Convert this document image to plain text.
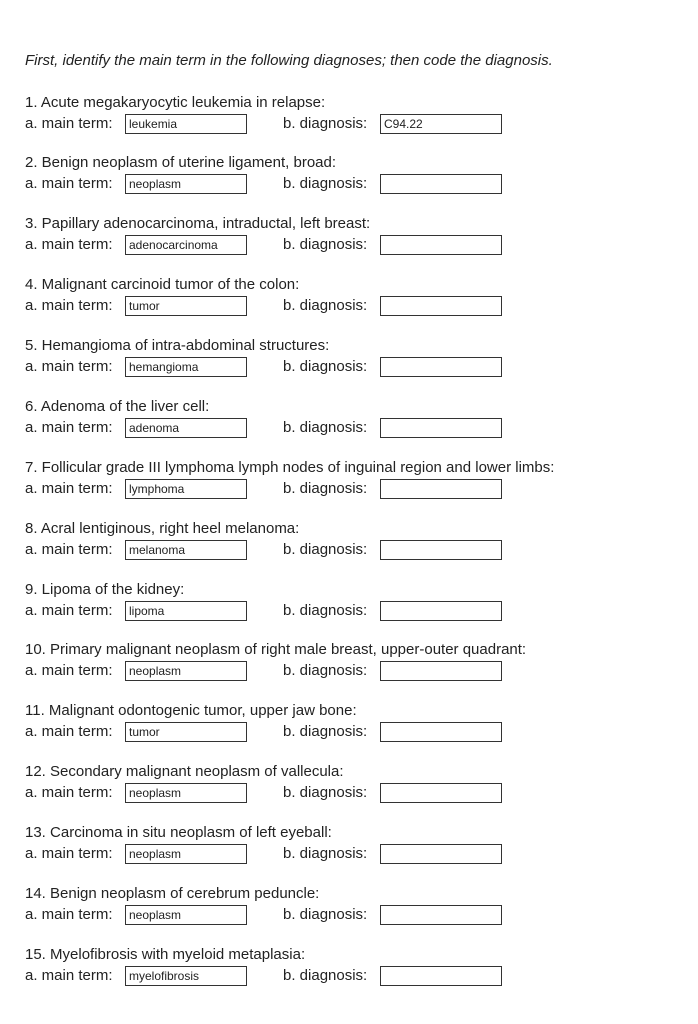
First, identify the main term in the following diagnoses; then code the diagnosis.
1. Acute megakaryocytic leukemia in relapse:
a. main term:	leukemia	b. diagnosis:	C94.22
2. Benign neoplasm of uterine ligament, broad:
a. main term:	neoplasm	b. diagnosis:
3. Papillary adenocarcinoma, intraductal, left breast:
a. main term:	adenocarcinoma	b. diagnosis:
4. Malignant carcinoid tumor of the colon:
a. main term:	tumor	b. diagnosis:
5. Hemangioma of intra-abdominal structures:
a. main term:	hemangioma	b. diagnosis:
6. Adenoma of the liver cell:
a. main term:	adenoma	b. diagnosis:
7. Follicular grade III lymphoma lymph nodes of inguinal region and lower limbs:
a. main term:	lymphoma	b. diagnosis:
8. Acral lentiginous, right heel melanoma:
a. main term:	melanoma	b. diagnosis:
9. Lipoma of the kidney:
a. main term:	lipoma	b. diagnosis:
10. Primary malignant neoplasm of right male breast, upper-outer quadrant:
a. main term:	neoplasm	b. diagnosis:
11. Malignant odontogenic tumor, upper jaw bone:
a. main term:	tumor	b. diagnosis:
12. Secondary malignant neoplasm of vallecula:
a. main term:	neoplasm	b. diagnosis:
13. Carcinoma in situ neoplasm of left eyeball:
a. main term:	neoplasm	b. diagnosis:
14. Benign neoplasm of cerebrum peduncle:
a. main term:	neoplasm	b. diagnosis:
15. Myelofibrosis with myeloid metaplasia:
a. main term:	myelofibrosis	b. diagnosis:
